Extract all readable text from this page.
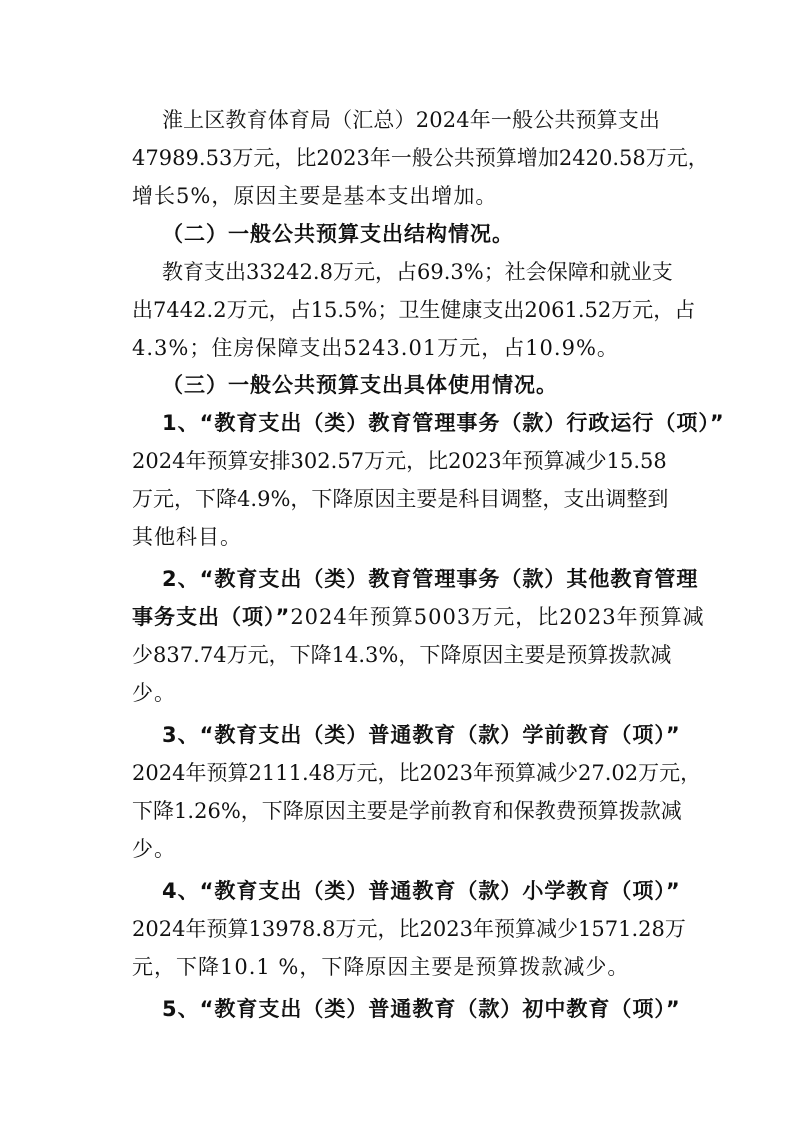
淮 上 区 教 育 体 育 局 （ 汇 总 ） 2 0 2 4 年 一 般 公 共 预 算 支 出
4 7 9 8 9 . 5 3 万 元 ， 比 2 0 2 3 年 一 般 公 共 预 算 增 加 2 4 2 0 . 5 8 万 元 ，
增长5%，原因主要是基本支出增加。
（二）一般公共预算支出结构情况。
教 育 支 出 3 3 2 4 2 . 8 万 元 ， 占 6 9 . 3 % ； 社 会 保 障 和 就 业 支
出 7 4 4 2 . 2 万 元 ， 占 1 5 . 5 % ； 卫 生 健 康 支 出 2 0 6 1 . 5 2 万 元 ， 占
4.3%；住房保障支出5243.01万元，占10.9%。
（三）一般公共预算支出具体使用情况。
1、“教育支出（类）教育管理事务（款）行政运行（项）”
2 0 2 4 年 预 算 安 排 3 0 2 . 5 7 万 元 ， 比 2 0 2 3 年 预 算 减 少 1 5 . 5 8
万 元 ， 下 降 4 . 9 % ， 下 降 原 因 主 要 是 科 目 调 整 ， 支 出 调 整 到
其他科目。
2、“教育支出（类）教育管理事务（款）其他教育管理
事务支出（项）”2024年预算5003万元，比2023年预算减
少 8 3 7 . 7 4 万 元 ， 下 降 1 4 . 3 % ， 下 降 原 因 主 要 是 预 算 拨 款 减
少。
3、“教育支出（类）普通教育（款）学前教育（项）”
2 0 2 4 年 预 算 2 1 1 1 . 4 8 万 元 ， 比 2 0 2 3 年 预 算 减 少 2 7 . 0 2 万 元 ，
下 降 1 . 2 6 % ， 下 降 原 因 主 要 是 学 前 教 育 和 保 教 费 预 算 拨 款 减
少。
4、“教育支出（类）普通教育（款）小学教育（项）”
2 0 2 4 年 预 算 1 3 9 7 8 . 8 万 元 ， 比 2 0 2 3 年 预 算 减 少 1 5 7 1 . 2 8 万
元，下降10.1 %，下降原因主要是预算拨款减少。
5、“教育支出（类）普通教育（款）初中教育（项）”
